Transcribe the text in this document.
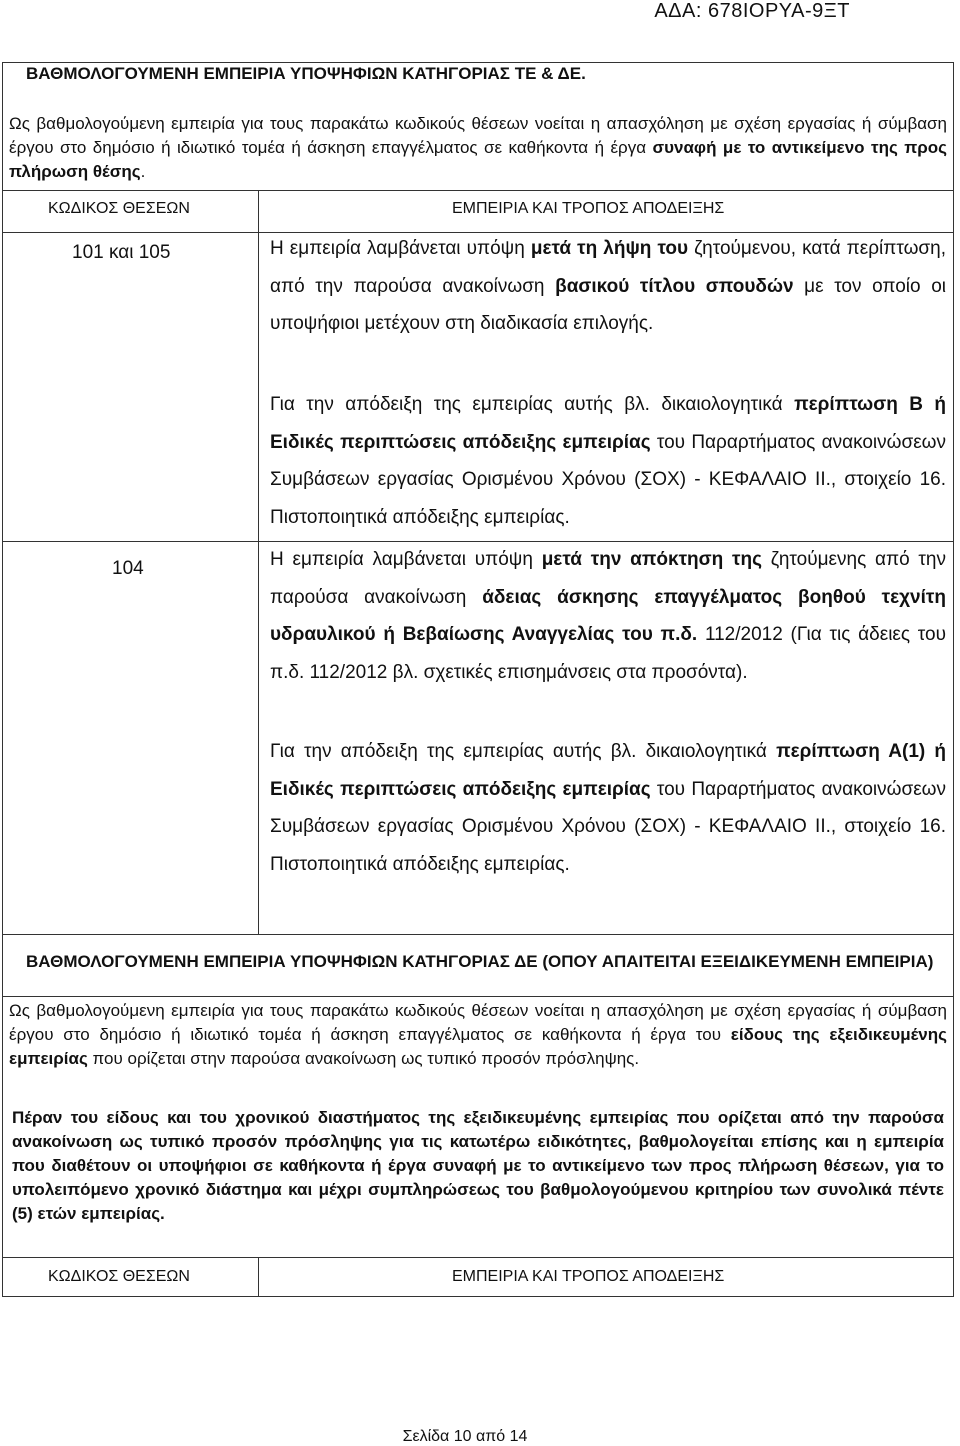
ΑΔΑ: 678ΙΟΡΥΑ-9ΞΤ
ΒΑΘΜΟΛΟΓΟΥΜΕΝΗ ΕΜΠΕΙΡΙΑ ΥΠΟΨΗΦΙΩΝ ΚΑΤΗΓΟΡΙΑΣ ΤΕ & ΔΕ.
Ως βαθμολογούμενη εμπειρία για τους παρακάτω κωδικούς θέσεων νοείται η απασχόληση με σχέση εργασίας ή σύμβαση έργου στο δημόσιο ή ιδιωτικό τομέα ή άσκηση επαγγέλματος σε καθήκοντα ή έργα συναφή με το αντικείμενο της προς πλήρωση θέσης.
ΚΩΔΙΚΟΣ ΘΕΣΕΩΝ	ΕΜΠΕΙΡΙΑ ΚΑΙ ΤΡΟΠΟΣ ΑΠΟΔΕΙΞΗΣ
101 και 105	Η εμπειρία λαμβάνεται υπόψη μετά τη λήψη του ζητούμενου, κατά περίπτωση, από την παρούσα ανακοίνωση βασικού τίτλου σπουδών με τον οποίο οι υποψήφιοι μετέχουν στη διαδικασία επιλογής.
Για την απόδειξη της εμπειρίας αυτής βλ. δικαιολογητικά περίπτωση Β ή Ειδικές περιπτώσεις απόδειξης εμπειρίας του Παραρτήματος ανακοινώσεων Συμβάσεων εργασίας Ορισμένου Χρόνου (ΣΟΧ) - ΚΕΦΑΛΑΙΟ ΙΙ., στοιχείο 16. Πιστοποιητικά απόδειξης εμπειρίας.
104	Η εμπειρία λαμβάνεται υπόψη μετά την απόκτηση της ζητούμενης από την παρούσα ανακοίνωση άδειας άσκησης επαγγέλματος βοηθού τεχνίτη υδραυλικού ή Βεβαίωσης Αναγγελίας του π.δ. 112/2012 (Για τις άδειες του π.δ. 112/2012 βλ. σχετικές επισημάνσεις στα προσόντα).
Για την απόδειξη της εμπειρίας αυτής βλ. δικαιολογητικά περίπτωση Α(1) ή Ειδικές περιπτώσεις απόδειξης εμπειρίας του Παραρτήματος ανακοινώσεων Συμβάσεων εργασίας Ορισμένου Χρόνου (ΣΟΧ) - ΚΕΦΑΛΑΙΟ ΙΙ., στοιχείο 16. Πιστοποιητικά απόδειξης εμπειρίας.
ΒΑΘΜΟΛΟΓΟΥΜΕΝΗ ΕΜΠΕΙΡΙΑ ΥΠΟΨΗΦΙΩΝ ΚΑΤΗΓΟΡΙΑΣ ΔΕ (ΟΠΟΥ ΑΠΑΙΤΕΙΤΑΙ ΕΞΕΙΔΙΚΕΥΜΕΝΗ ΕΜΠΕΙΡΙΑ)
Ως βαθμολογούμενη εμπειρία για τους παρακάτω κωδικούς θέσεων νοείται η απασχόληση με σχέση εργασίας ή σύμβαση έργου στο δημόσιο ή ιδιωτικό τομέα ή άσκηση επαγγέλματος σε καθήκοντα ή έργα του είδους της εξειδικευμένης εμπειρίας που ορίζεται στην παρούσα ανακοίνωση ως τυπικό προσόν πρόσληψης.
Πέραν του είδους και του χρονικού διαστήματος της εξειδικευμένης εμπειρίας που ορίζεται από την παρούσα ανακοίνωση ως τυπικό προσόν πρόσληψης για τις κατωτέρω ειδικότητες, βαθμολογείται επίσης και η εμπειρία που διαθέτουν οι υποψήφιοι σε καθήκοντα ή έργα συναφή με το αντικείμενο των προς πλήρωση θέσεων, για το υπολειπόμενο χρονικό διάστημα και μέχρι συμπληρώσεως του βαθμολογούμενου κριτηρίου των συνολικά πέντε (5) ετών εμπειρίας.
ΚΩΔΙΚΟΣ ΘΕΣΕΩΝ	ΕΜΠΕΙΡΙΑ ΚΑΙ ΤΡΟΠΟΣ ΑΠΟΔΕΙΞΗΣ
Σελίδα 10 από 14
